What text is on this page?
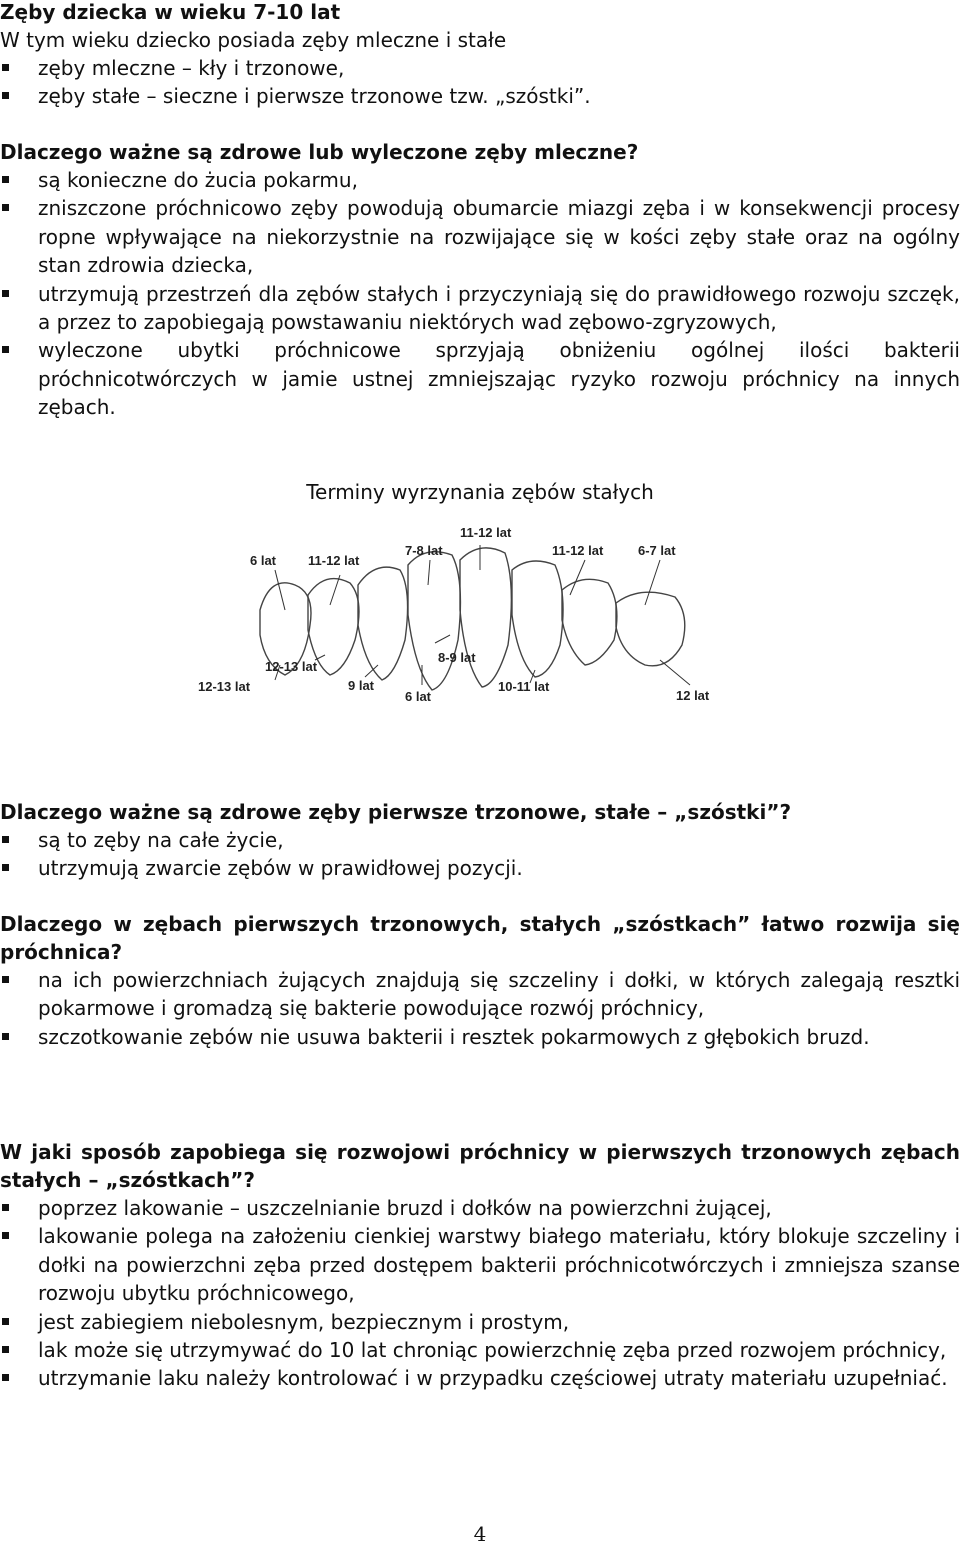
Zęby dziecka w wieku 7-10 lat

W tym wieku dziecko posiada zęby mleczne i stałe

zęby mleczne – kły i trzonowe,
zęby stałe – sieczne i pierwsze trzonowe tzw. „szóstki”.

Dlaczego ważne są zdrowe lub wyleczone zęby mleczne?

są konieczne do żucia pokarmu,
zniszczone próchnicowo zęby powodują obumarcie miazgi zęba i w konsekwencji procesy ropne wpływające na niekorzystnie na rozwijające się w kości zęby stałe oraz na ogólny stan zdrowia dziecka,
utrzymują przestrzeń dla zębów stałych i przyczyniają się do prawidłowego rozwoju szczęk, a przez to zapobiegają powstawaniu niektórych wad zębowo-zgryzowych,
wyleczone ubytki próchnicowe sprzyjają obniżeniu ogólnej ilości bakterii próchnicotwórczych w jamie ustnej zmniejszając ryzyko rozwoju próchnicy na innych zębach.
Terminy wyrzynania zębów stałych
6 lat 11-12 lat
7-8 lat
11-12 lat
11-12 lat	6-7 lat
12-13 lat
12-13 lat
9 lat
8-9 lat
6 lat
10-11 lat
12 lat

Dlaczego ważne są zdrowe zęby pierwsze trzonowe, stałe – „szóstki”?

są to zęby na całe życie,
utrzymują zwarcie zębów w prawidłowej pozycji.

Dlaczego w zębach pierwszych trzonowych, stałych „szóstkach” łatwo rozwija się próchnica?

na ich powierzchniach żujących znajdują się szczeliny i dołki, w których zalegają resztki pokarmowe i gromadzą się bakterie powodujące rozwój próchnicy,
szczotkowanie zębów nie usuwa bakterii i resztek pokarmowych z głębokich bruzd.

W jaki sposób zapobiega się rozwojowi próchnicy w pierwszych trzonowych zębach stałych – „szóstkach”?

poprzez lakowanie – uszczelnianie bruzd i dołków na powierzchni żującej,
lakowanie polega na założeniu cienkiej warstwy białego materiału, który blokuje szczeliny i dołki na powierzchni zęba przed dostępem bakterii próchnicotwórczych i zmniejsza szanse rozwoju ubytku próchnicowego,
jest zabiegiem niebolesnym, bezpiecznym i prostym,
lak może się utrzymywać do 10 lat chroniąc powierzchnię zęba przed rozwojem próchnicy,
utrzymanie laku należy kontrolować i w przypadku częściowej utraty materiału uzupełniać.
4
